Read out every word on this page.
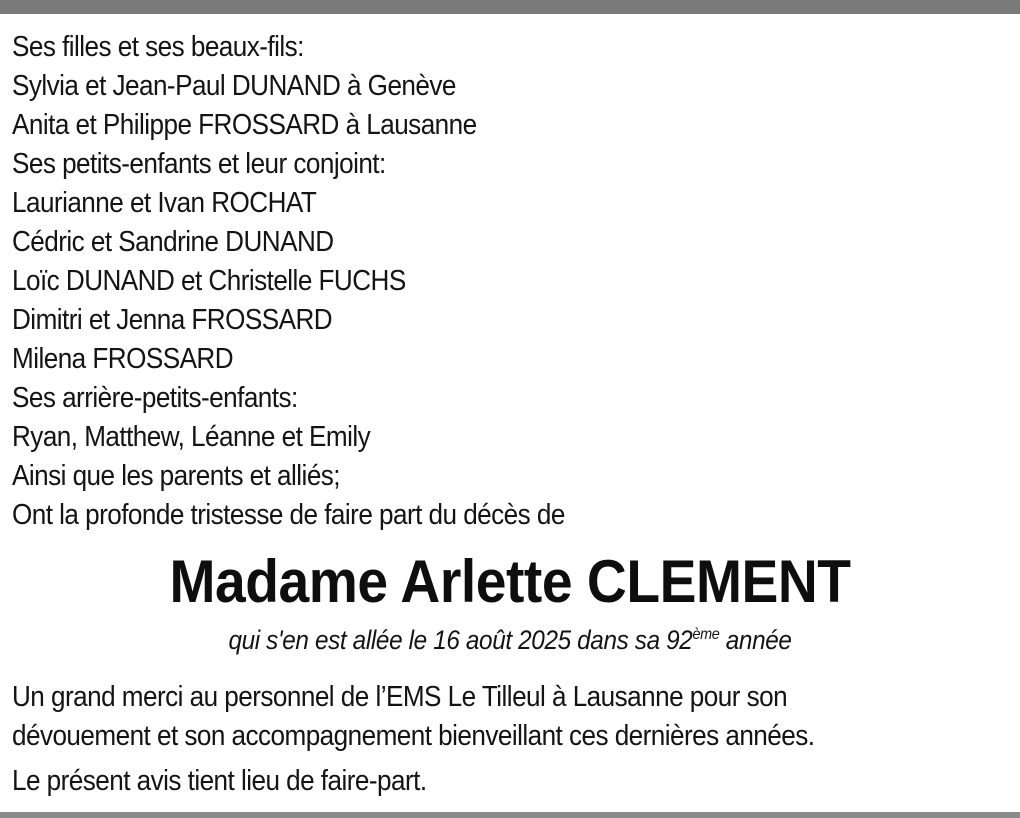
Ses filles et ses beaux-fils:
Sylvia et Jean-Paul DUNAND à Genève
Anita et Philippe FROSSARD à Lausanne
Ses petits-enfants et leur conjoint:
Laurianne et Ivan ROCHAT
Cédric et Sandrine DUNAND
Loïc DUNAND et Christelle FUCHS
Dimitri et Jenna FROSSARD
Milena FROSSARD
Ses arrière-petits-enfants:
Ryan, Matthew, Léanne et Emily
Ainsi que les parents et alliés;
Ont la profonde tristesse de faire part du décès de
Madame Arlette CLEMENT
qui s'en est allée le 16 août 2025 dans sa 92ème année
Un grand merci au personnel de l’EMS Le Tilleul à Lausanne pour son
dévouement et son accompagnement bienveillant ces dernières années.

Le présent avis tient lieu de faire-part.
